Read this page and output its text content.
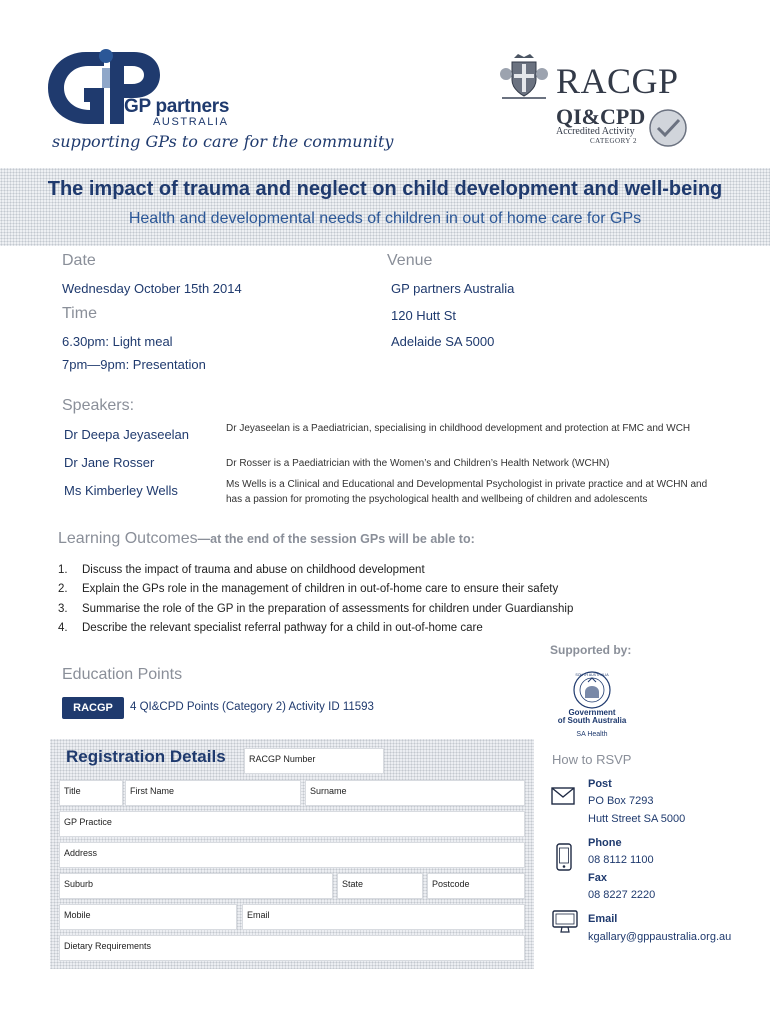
GP partners
AUSTRALIA
supporting GPs to care for the community
RACGP
QI&CPD
Accredited Activity
CATEGORY 2
The impact of trauma and neglect on child development and well-being
Health and developmental needs of children in out of home care for GPs
Date
Wednesday October 15th 2014
Time
6.30pm: Light meal
7pm—9pm: Presentation
Venue
GP partners Australia
120 Hutt St
Adelaide SA 5000
Speakers:
Dr Deepa Jeyaseelan	Dr Jeyaseelan is a Paediatrician, specialising in childhood development and protection at FMC and WCH
Dr Jane Rosser	Dr Rosser is a Paediatrician with the Women’s and Children’s Health Network (WCHN)
Ms Kimberley Wells	Ms Wells is a Clinical and Educational and Developmental Psychologist in private practice and at WCHN and has a passion for promoting the psychological health and wellbeing of children and adolescents
Learning Outcomes—at the end of the session GPs will be able to:
1.	Discuss the impact of trauma and abuse on childhood development
2.	Explain the GPs role in the management of children in out-of-home care to ensure their safety
3.	Summarise the role of the GP in the preparation of assessments for children under Guardianship
4.	Describe the relevant specialist referral pathway for a child in out-of-home care
Education Points
RACGP	4 QI&CPD Points (Category 2) Activity ID 11593
Supported by:
SOUTH AUSTRALIA
Government
of South Australia
SA Health
Registration Details	RACGP Number
Title	First Name	Surname
GP Practice
Address
Suburb	State	Postcode
Mobile	Email
Dietary Requirements
How to RSVP
Post
PO Box 7293
Hutt Street SA 5000
Phone
08 8112 1100
Fax
08 8227 2220
Email
kgallary@gppaustralia.org.au
